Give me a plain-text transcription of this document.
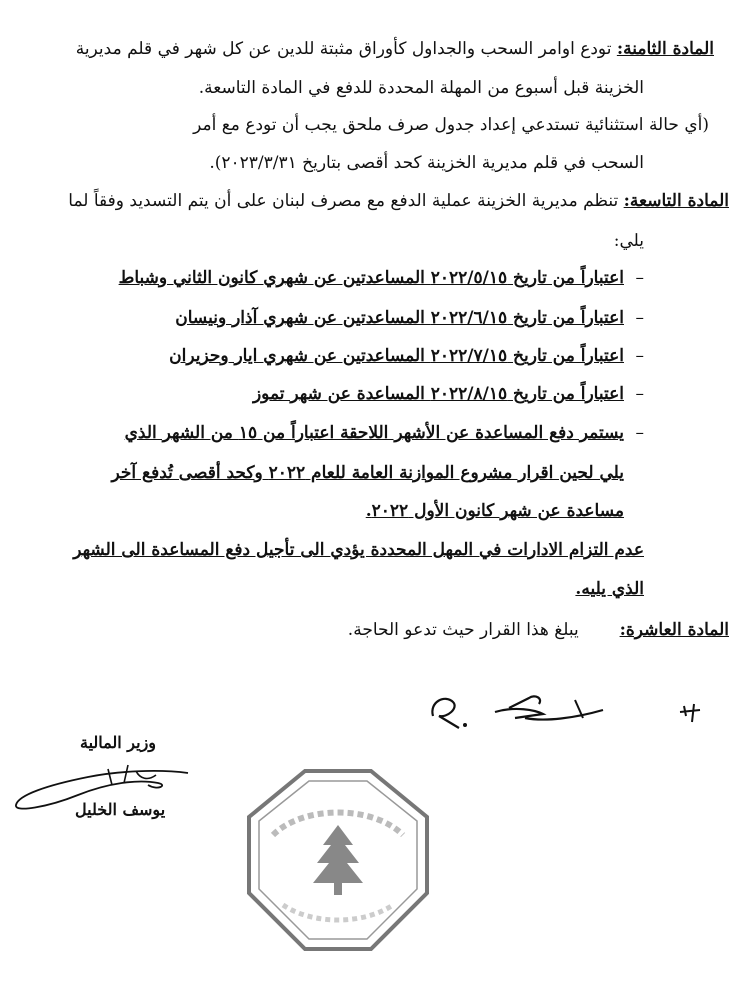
المادة الثامنة: تودع اوامر السحب والجداول كأوراق مثبتة للدين عن كل شهر في قلم مديرية
الخزينة قبل أسبوع من المهلة المحددة للدفع في المادة التاسعة.
(أي حالة استثنائية تستدعي إعداد جدول صرف ملحق يجب أن تودع مع أمر
السحب في قلم مديرية الخزينة كحد أقصى بتاريخ ٢٠٢٣/٣/٣١).
المادة التاسعة: تنظم مديرية الخزينة عملية الدفع مع مصرف لبنان على أن يتم التسديد وفقاً لما
يلي:
اعتباراً من تاريخ ٢٠٢٢/٥/١٥ المساعدتين عن شهري كانون الثاني وشباط –
اعتباراً من تاريخ ٢٠٢٢/٦/١٥ المساعدتين عن شهري آذار ونيسان –
اعتباراً من تاريخ ٢٠٢٢/٧/١٥ المساعدتين عن شهري ايار وحزيران –
اعتباراً من تاريخ ٢٠٢٢/٨/١٥ المساعدة عن شهر تموز –
يستمر دفع المساعدة عن الأشهر اللاحقة اعتباراً من ١٥ من الشهر الذي –
يلي لحين اقرار مشروع الموازنة العامة للعام ٢٠٢٢ وكحد أقصى تُدفع آخر
مساعدة عن شهر كانون الأول ٢٠٢٢.
عدم التزام الادارات في المهل المحددة يؤدي الى تأجيل دفع المساعدة الى الشهر
الذي يليه.
المادة العاشرة:  يبلغ هذا القرار حيث تدعو الحاجة.
وزير المالية
يوسف الخليل
